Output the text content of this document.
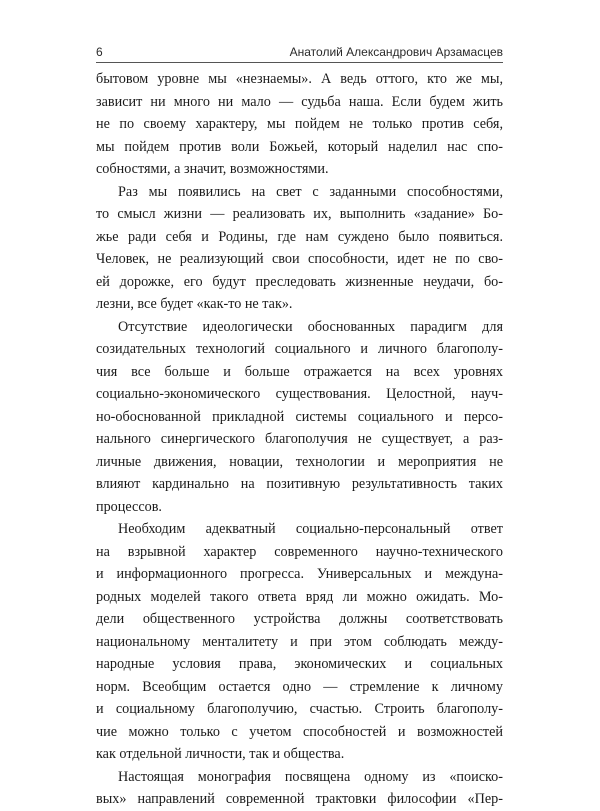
6	Анатолий Александрович Арзамасцев
бытовом уровне мы «незнаемы». А ведь оттого, кто же мы,
зависит ни много ни мало — судьба наша. Если будем жить
не по своему характеру, мы пойдем не только против себя,
мы пойдем против воли Божьей, который наделил нас спо-
собностями, а значит, возможностями.
Раз мы появились на свет с заданными способностями,
то смысл жизни — реализовать их, выполнить «задание» Бо-
жье ради себя и Родины, где нам суждено было появиться.
Человек, не реализующий свои способности, идет не по сво-
ей дорожке, его будут преследовать жизненные неудачи, бо-
лезни, все будет «как-то не так».
Отсутствие идеологически обоснованных парадигм для
созидательных технологий социального и личного благополу-
чия все больше и больше отражается на всех уровнях
социально-экономического существования. Целостной, науч-
но-обоснованной прикладной системы социального и персо-
нального синергического благополучия не существует, а раз-
личные движения, новации, технологии и мероприятия не
влияют кардинально на позитивную результативность таких
процессов.
Необходим адекватный социально-персональный ответ
на взрывной характер современного научно-технического
и информационного прогресса. Универсальных и междуна-
родных моделей такого ответа вряд ли можно ожидать. Мо-
дели общественного устройства должны соответствовать
национальному менталитету и при этом соблюдать между-
народные условия права, экономических и социальных
норм. Всеобщим остается одно — стремление к личному
и социальному благополучию, счастью. Строить благополу-
чие можно только с учетом способностей и возможностей
как отдельной личности, так и общества.
Настоящая монография посвящена одному из «поиско-
вых» направлений современной трактовки философии «Пер-
